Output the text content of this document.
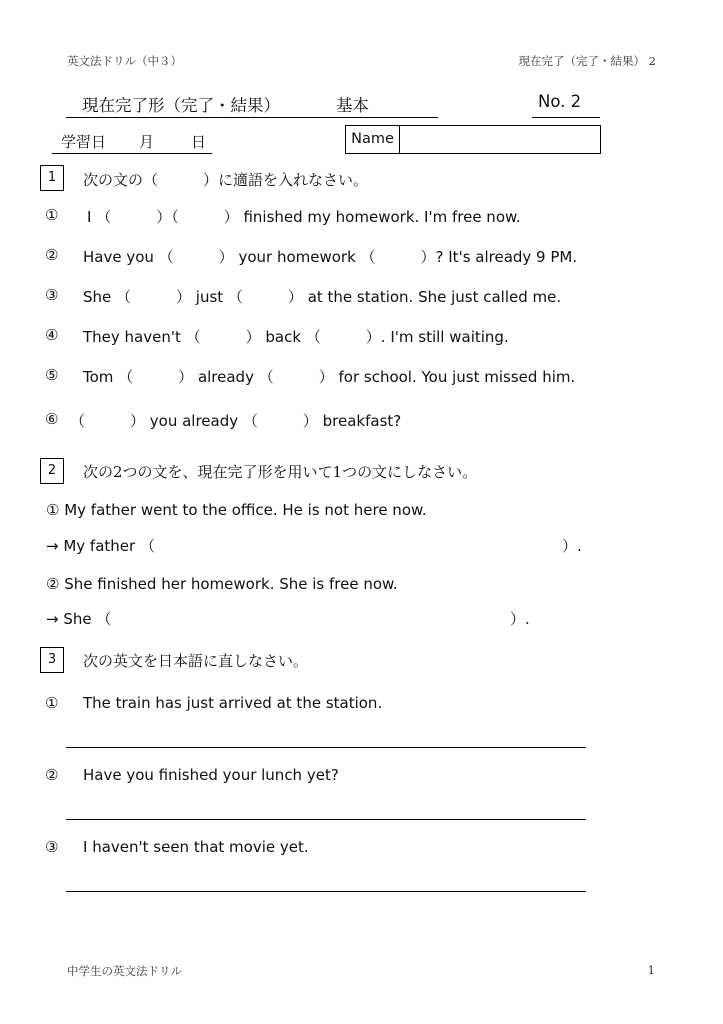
英文法ドリル（中３）	現在完了（完了・結果） 2
現在完了形（完了・結果）	基本	No. 2
学習日 月 日	Name
1	次の文の（　　　）に適語を入れなさい。
① I （　　　）（　　　） finished my homework. I'm free now.
② Have you （　　　） your homework （　　　）? It's already 9 PM.
③ She （　　　） just （　　　） at the station. She just called me.
④ They haven't （　　　） back （　　　）. I'm still waiting.
⑤ Tom （　　　） already （　　　） for school. You just missed him.
⑥ （　　　） you already （　　　） breakfast?
2	次の2つの文を、現在完了形を用いて1つの文にしなさい。
① My father went to the office. He is not here now.
→ My father （	）.
② She finished her homework. She is free now.
→ She （	）.
3	次の英文を日本語に直しなさい。
① The train has just arrived at the station.
② Have you finished your lunch yet?
③ I haven't seen that movie yet.
中学生の英文法ドリル	1
